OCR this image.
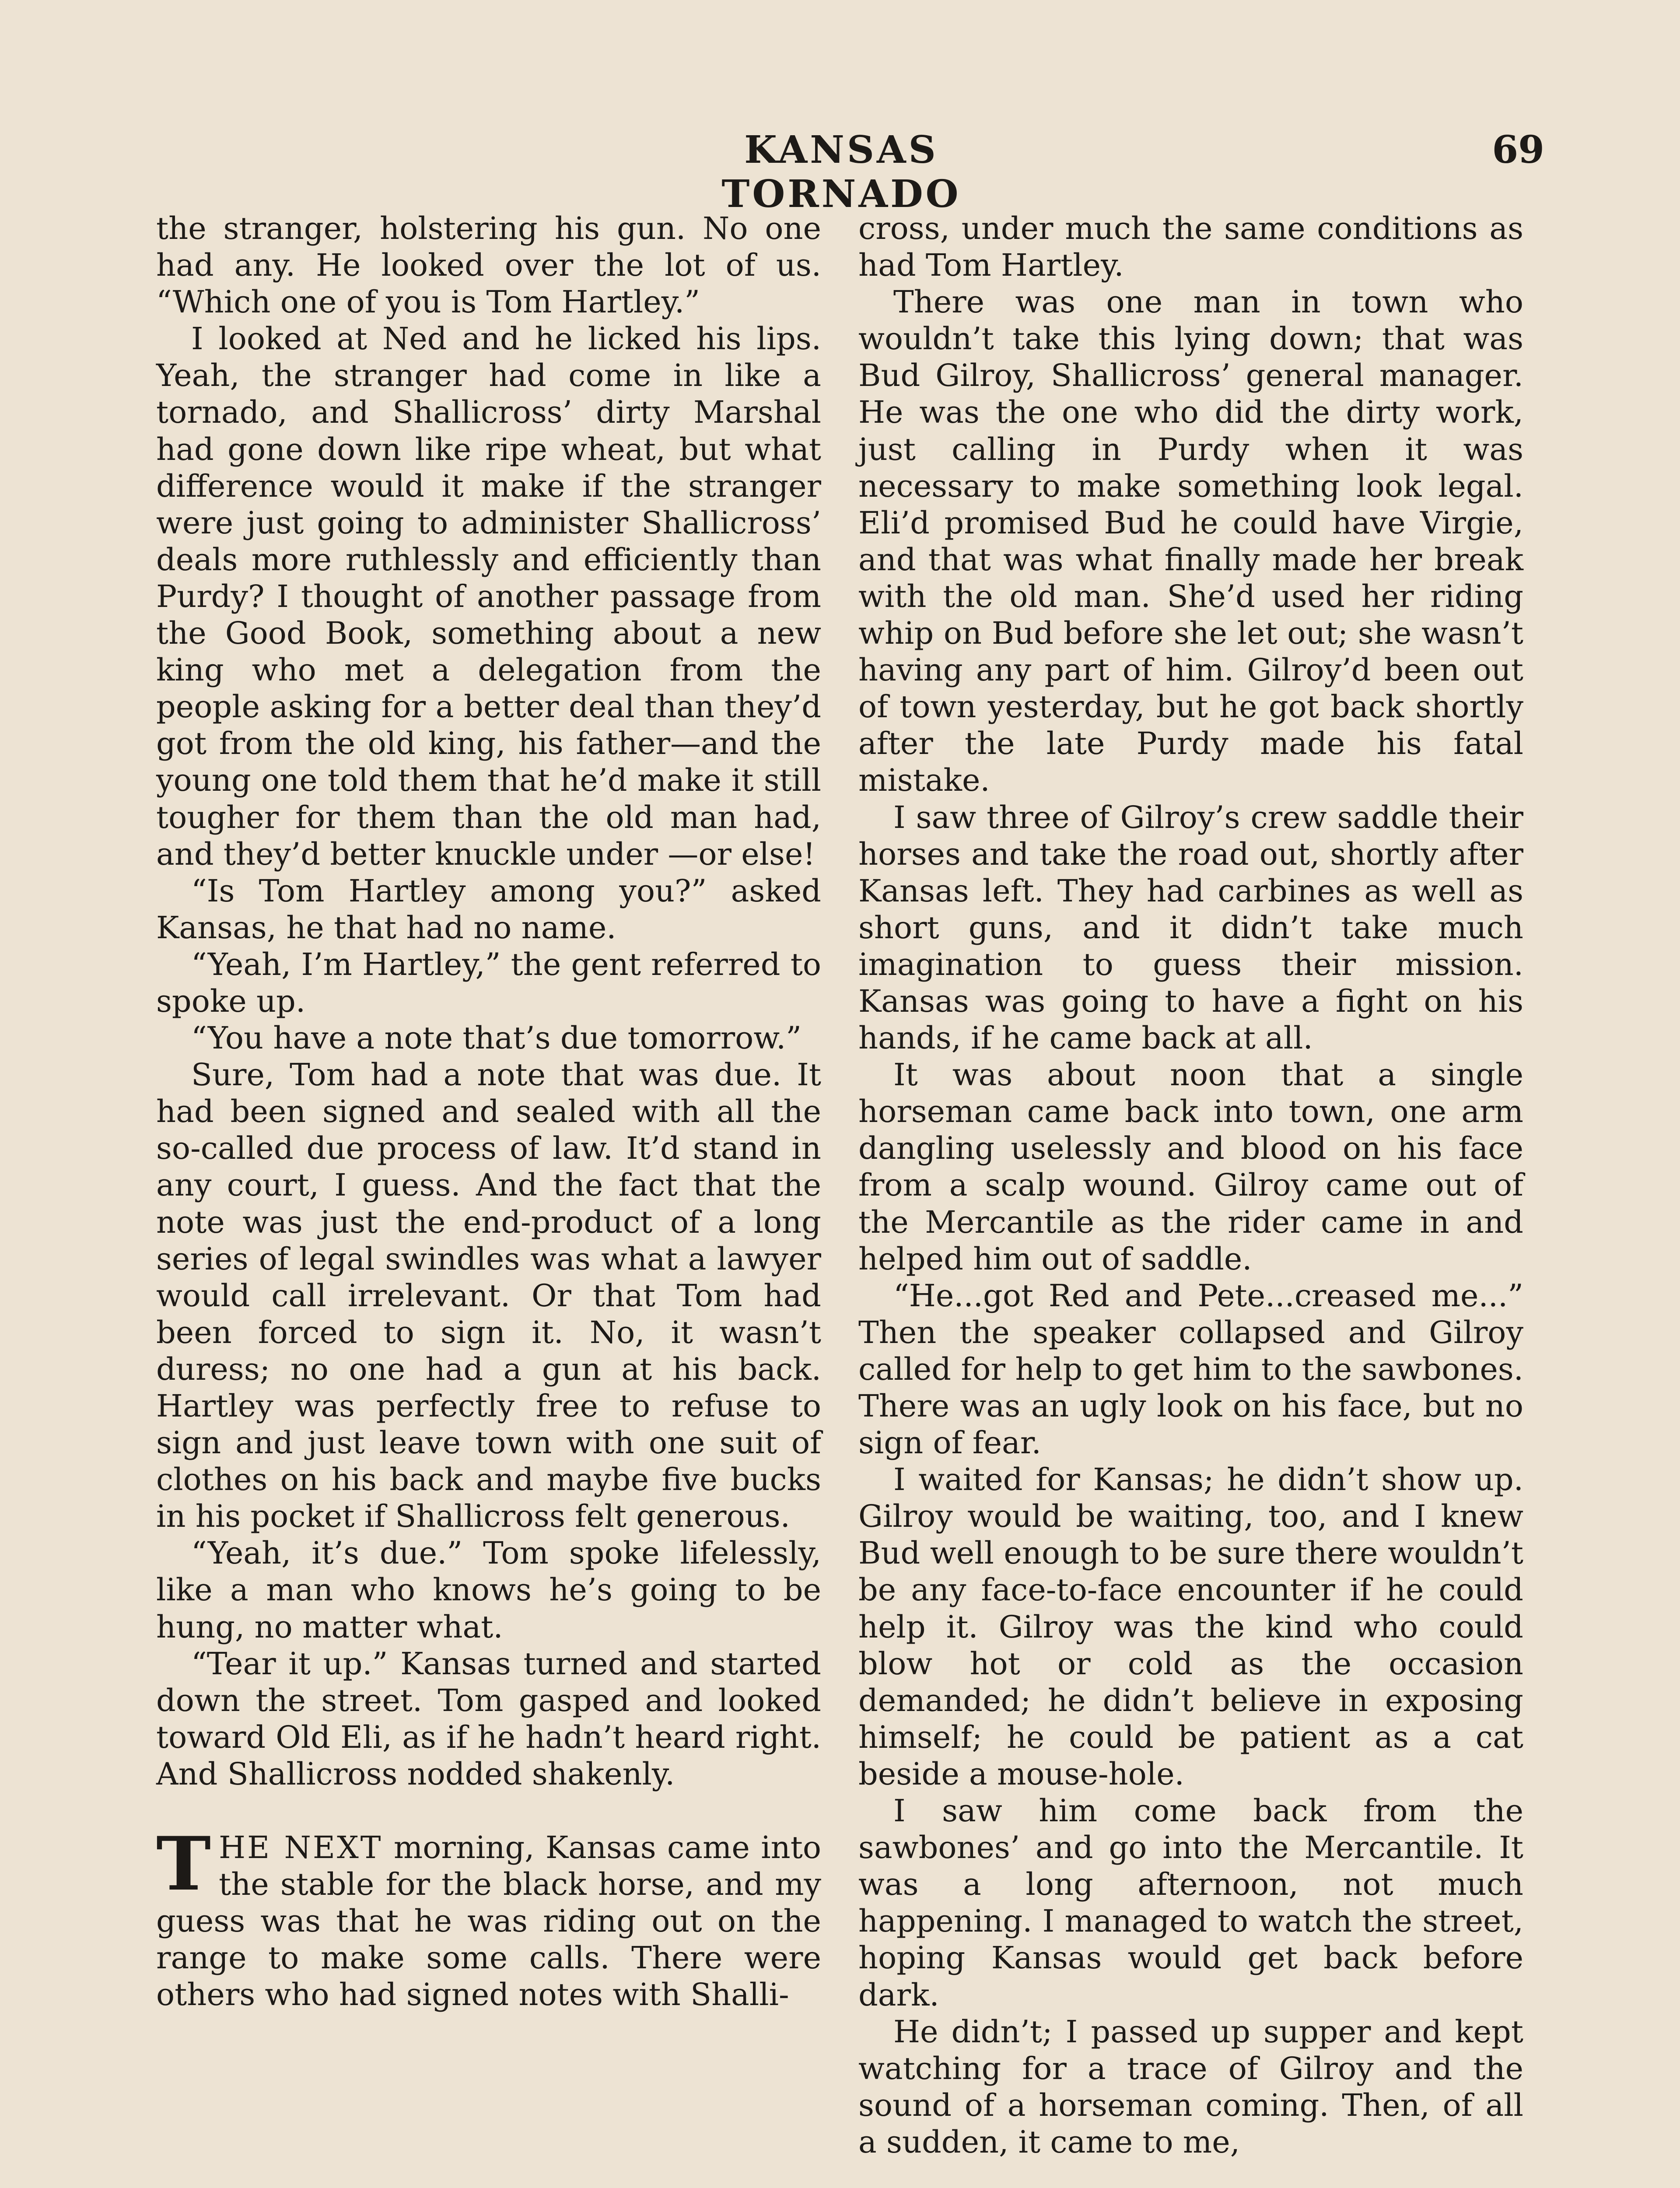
KANSAS TORNADO
69

the stranger, holstering his gun. No one had any. He looked over the lot of us. “Which one of you is Tom Hartley.”

I looked at Ned and he licked his lips. Yeah, the stranger had come in like a tornado, and Shallicross’ dirty Marshal had gone down like ripe wheat, but what difference would it make if the stranger were just going to administer Shallicross’ deals more ruthlessly and efficiently than Purdy? I thought of another passage from the Good Book, something about a new king who met a delegation from the people asking for a better deal than they’d got from the old king, his father—and the young one told them that he’d make it still tougher for them than the old man had, and they’d better knuckle under —or else!

“Is Tom Hartley among you?” asked Kansas, he that had no name.

“Yeah, I’m Hartley,” the gent referred to spoke up.

“You have a note that’s due tomorrow.”

Sure, Tom had a note that was due. It had been signed and sealed with all the so-called due process of law. It’d stand in any court, I guess. And the fact that the note was just the end-product of a long series of legal swindles was what a lawyer would call irrelevant. Or that Tom had been forced to sign it. No, it wasn’t duress; no one had a gun at his back. Hartley was perfectly free to refuse to sign and just leave town with one suit of clothes on his back and maybe five bucks in his pocket if Shallicross felt generous.

“Yeah, it’s due.” Tom spoke lifelessly, like a man who knows he’s going to be hung, no matter what.

“Tear it up.” Kansas turned and started down the street. Tom gasped and looked toward Old Eli, as if he hadn’t heard right. And Shallicross nodded shakenly.

THE NEXT morning, Kansas came into the stable for the black horse, and my guess was that he was riding out on the range to make some calls. There were others who had signed notes with Shalli-

cross, under much the same conditions as had Tom Hartley.

There was one man in town who wouldn’t take this lying down; that was Bud Gilroy, Shallicross’ general manager. He was the one who did the dirty work, just calling in Purdy when it was necessary to make something look legal. Eli’d promised Bud he could have Virgie, and that was what finally made her break with the old man. She’d used her riding whip on Bud before she let out; she wasn’t having any part of him. Gilroy’d been out of town yesterday, but he got back shortly after the late Purdy made his fatal mistake.

I saw three of Gilroy’s crew saddle their horses and take the road out, shortly after Kansas left. They had carbines as well as short guns, and it didn’t take much imagination to guess their mission. Kansas was going to have a fight on his hands, if he came back at all.

It was about noon that a single horseman came back into town, one arm dangling uselessly and blood on his face from a scalp wound. Gilroy came out of the Mercantile as the rider came in and helped him out of saddle.

“He...got Red and Pete...creased me...” Then the speaker collapsed and Gilroy called for help to get him to the sawbones. There was an ugly look on his face, but no sign of fear.

I waited for Kansas; he didn’t show up. Gilroy would be waiting, too, and I knew Bud well enough to be sure there wouldn’t be any face-to-face encounter if he could help it. Gilroy was the kind who could blow hot or cold as the occasion demanded; he didn’t believe in exposing himself; he could be patient as a cat beside a mouse-hole.

I saw him come back from the sawbones’ and go into the Mercantile. It was a long afternoon, not much happening. I managed to watch the street, hoping Kansas would get back before dark.

He didn’t; I passed up supper and kept watching for a trace of Gilroy and the sound of a horseman coming. Then, of all a sudden, it came to me,
